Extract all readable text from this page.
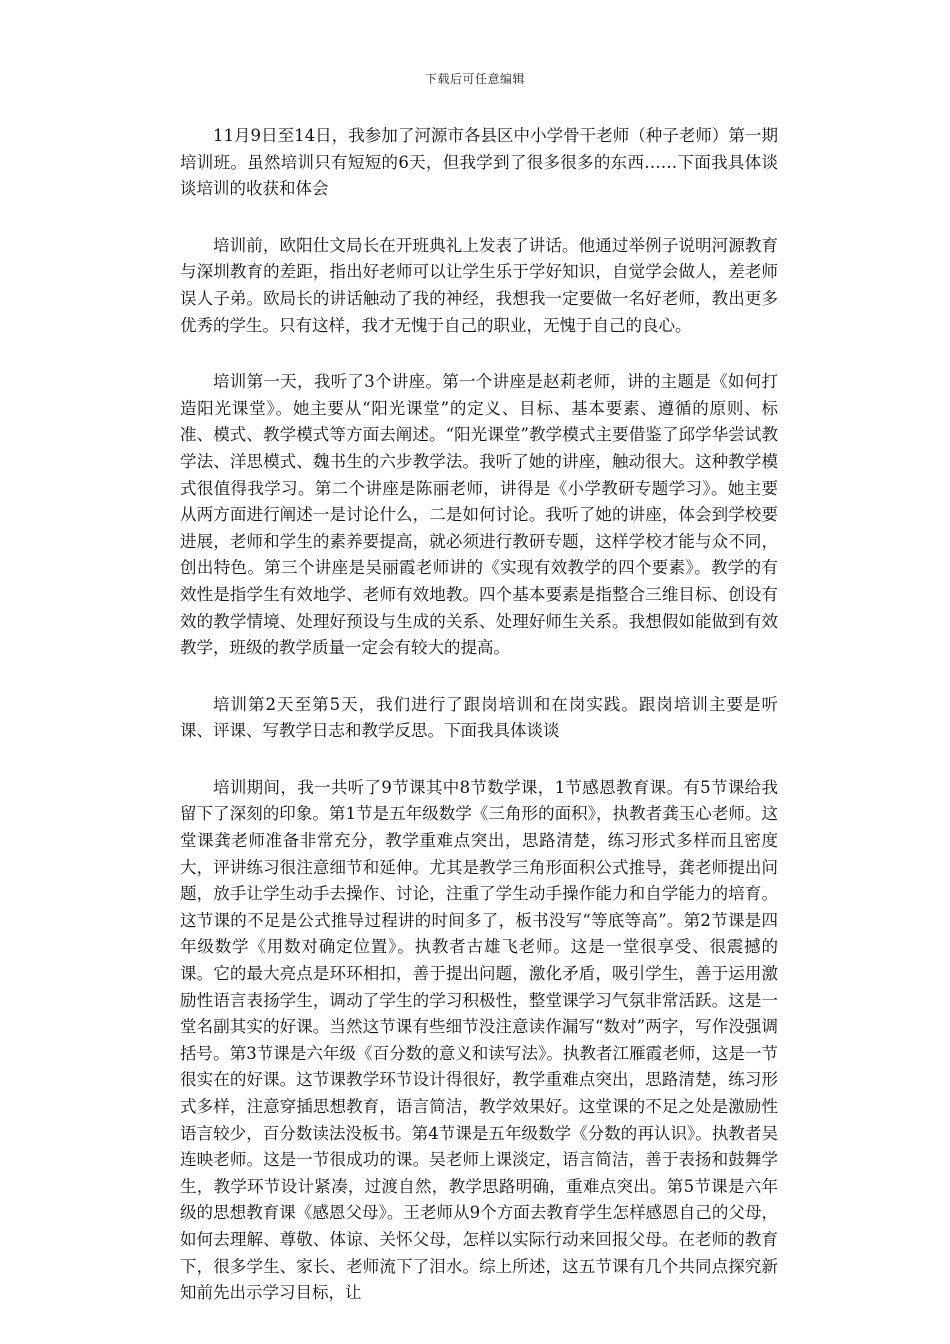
下载后可任意编辑

11月9日至14日，我参加了河源市各县区中小学骨干老师（种子老师）第一期培训班。虽然培训只有短短的6天，但我学到了很多很多的东西……下面我具体谈谈培训的收获和体会

培训前，欧阳仕文局长在开班典礼上发表了讲话。他通过举例子说明河源教育与深圳教育的差距，指出好老师可以让学生乐于学好知识，自觉学会做人，差老师误人子弟。欧局长的讲话触动了我的神经，我想我一定要做一名好老师，教出更多优秀的学生。只有这样，我才无愧于自己的职业，无愧于自己的良心。

培训第一天，我听了3个讲座。第一个讲座是赵莉老师，讲的主题是《如何打造阳光课堂》。她主要从“阳光课堂”的定义、目标、基本要素、遵循的原则、标准、模式、教学模式等方面去阐述。“阳光课堂”教学模式主要借鉴了邱学华尝试教学法、洋思模式、魏书生的六步教学法。我听了她的讲座，触动很大。这种教学模式很值得我学习。第二个讲座是陈丽老师，讲得是《小学教研专题学习》。她主要从两方面进行阐述一是讨论什么，二是如何讨论。我听了她的讲座，体会到学校要进展，老师和学生的素养要提高，就必须进行教研专题，这样学校才能与众不同，创出特色。第三个讲座是吴丽霞老师讲的《实现有效教学的四个要素》。教学的有效性是指学生有效地学、老师有效地教。四个基本要素是指整合三维目标、创设有效的教学情境、处理好预设与生成的关系、处理好师生关系。我想假如能做到有效教学，班级的教学质量一定会有较大的提高。

培训第2天至第5天，我们进行了跟岗培训和在岗实践。跟岗培训主要是听课、评课、写教学日志和教学反思。下面我具体谈谈

培训期间，我一共听了9节课其中8节数学课，1节感恩教育课。有5节课给我留下了深刻的印象。第1节是五年级数学《三角形的面积》，执教者龚玉心老师。这堂课龚老师准备非常充分，教学重难点突出，思路清楚，练习形式多样而且密度大，评讲练习很注意细节和延伸。尤其是教学三角形面积公式推导，龚老师提出问题，放手让学生动手去操作、讨论，注重了学生动手操作能力和自学能力的培育。这节课的不足是公式推导过程讲的时间多了，板书没写“等底等高”。第2节课是四年级数学《用数对确定位置》。执教者古雄飞老师。这是一堂很享受、很震撼的课。它的最大亮点是环环相扣，善于提出问题，激化矛盾，吸引学生，善于运用激励性语言表扬学生，调动了学生的学习积极性，整堂课学习气氛非常活跃。这是一堂名副其实的好课。当然这节课有些细节没注意读作漏写“数对”两字，写作没强调括号。第3节课是六年级《百分数的意义和读写法》。执教者江雁霞老师，这是一节很实在的好课。这节课教学环节设计得很好，教学重难点突出，思路清楚，练习形式多样，注意穿插思想教育，语言简洁，教学效果好。这堂课的不足之处是激励性语言较少，百分数读法没板书。第4节课是五年级数学《分数的再认识》。执教者吴连映老师。这是一节很成功的课。吴老师上课淡定，语言简洁，善于表扬和鼓舞学生，教学环节设计紧凑，过渡自然，教学思路明确，重难点突出。第5节课是六年级的思想教育课《感恩父母》。王老师从9个方面去教育学生怎样感恩自己的父母，如何去理解、尊敬、体谅、关怀父母，怎样以实际行动来回报父母。在老师的教育下，很多学生、家长、老师流下了泪水。综上所述，这五节课有几个共同点探究新知前先出示学习目标，让
